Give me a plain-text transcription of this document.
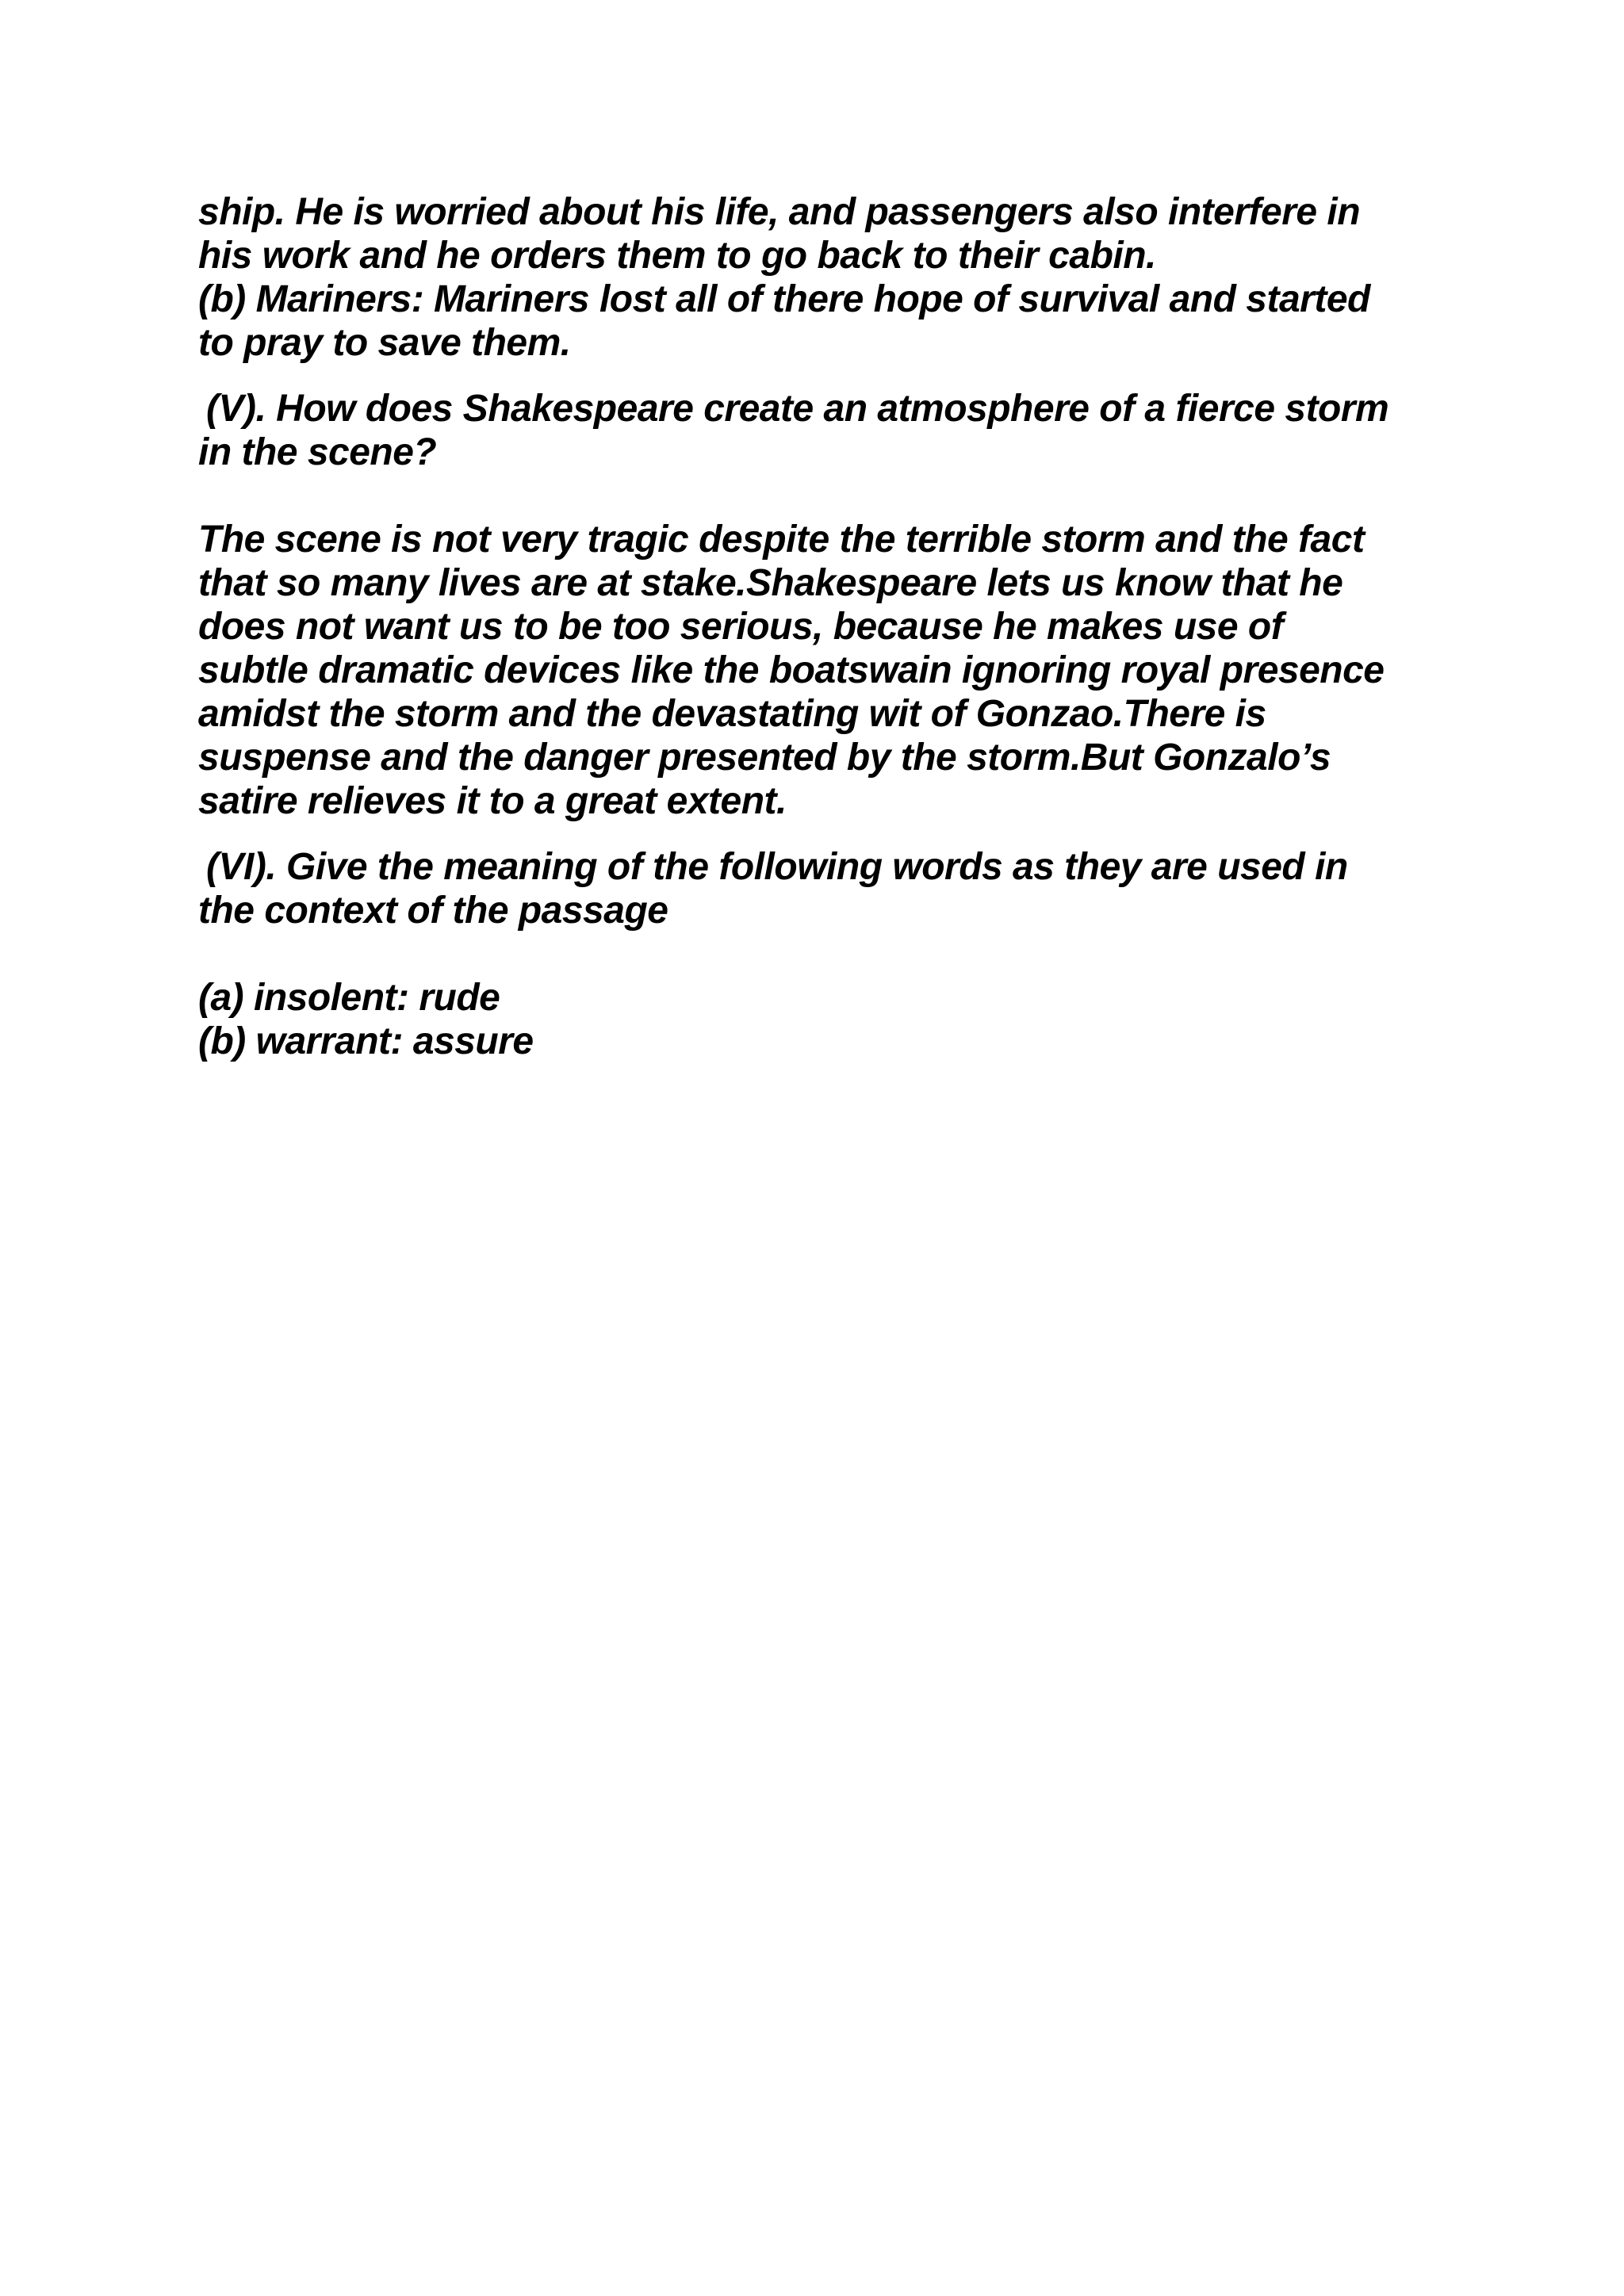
ship. He is worried about his life, and passengers also interfere in
his work and he orders them to go back to their cabin.
(b) Mariners: Mariners lost all of there hope of survival and started
to pray to save them.
(V). How does Shakespeare create an atmosphere of a fierce storm
in the scene?
The scene is not very tragic despite the terrible storm and the fact
that so many lives are at stake.Shakespeare lets us know that he
does not want us to be too serious, because he makes use of
subtle dramatic devices like the boatswain ignoring royal presence
amidst the storm and the devastating wit of Gonzao.There is
suspense and the danger presented by the storm.But Gonzalo’s
satire relieves it to a great extent.
(VI). Give the meaning of the following words as they are used in
the context of the passage
(a) insolent: rude
(b) warrant: assure
